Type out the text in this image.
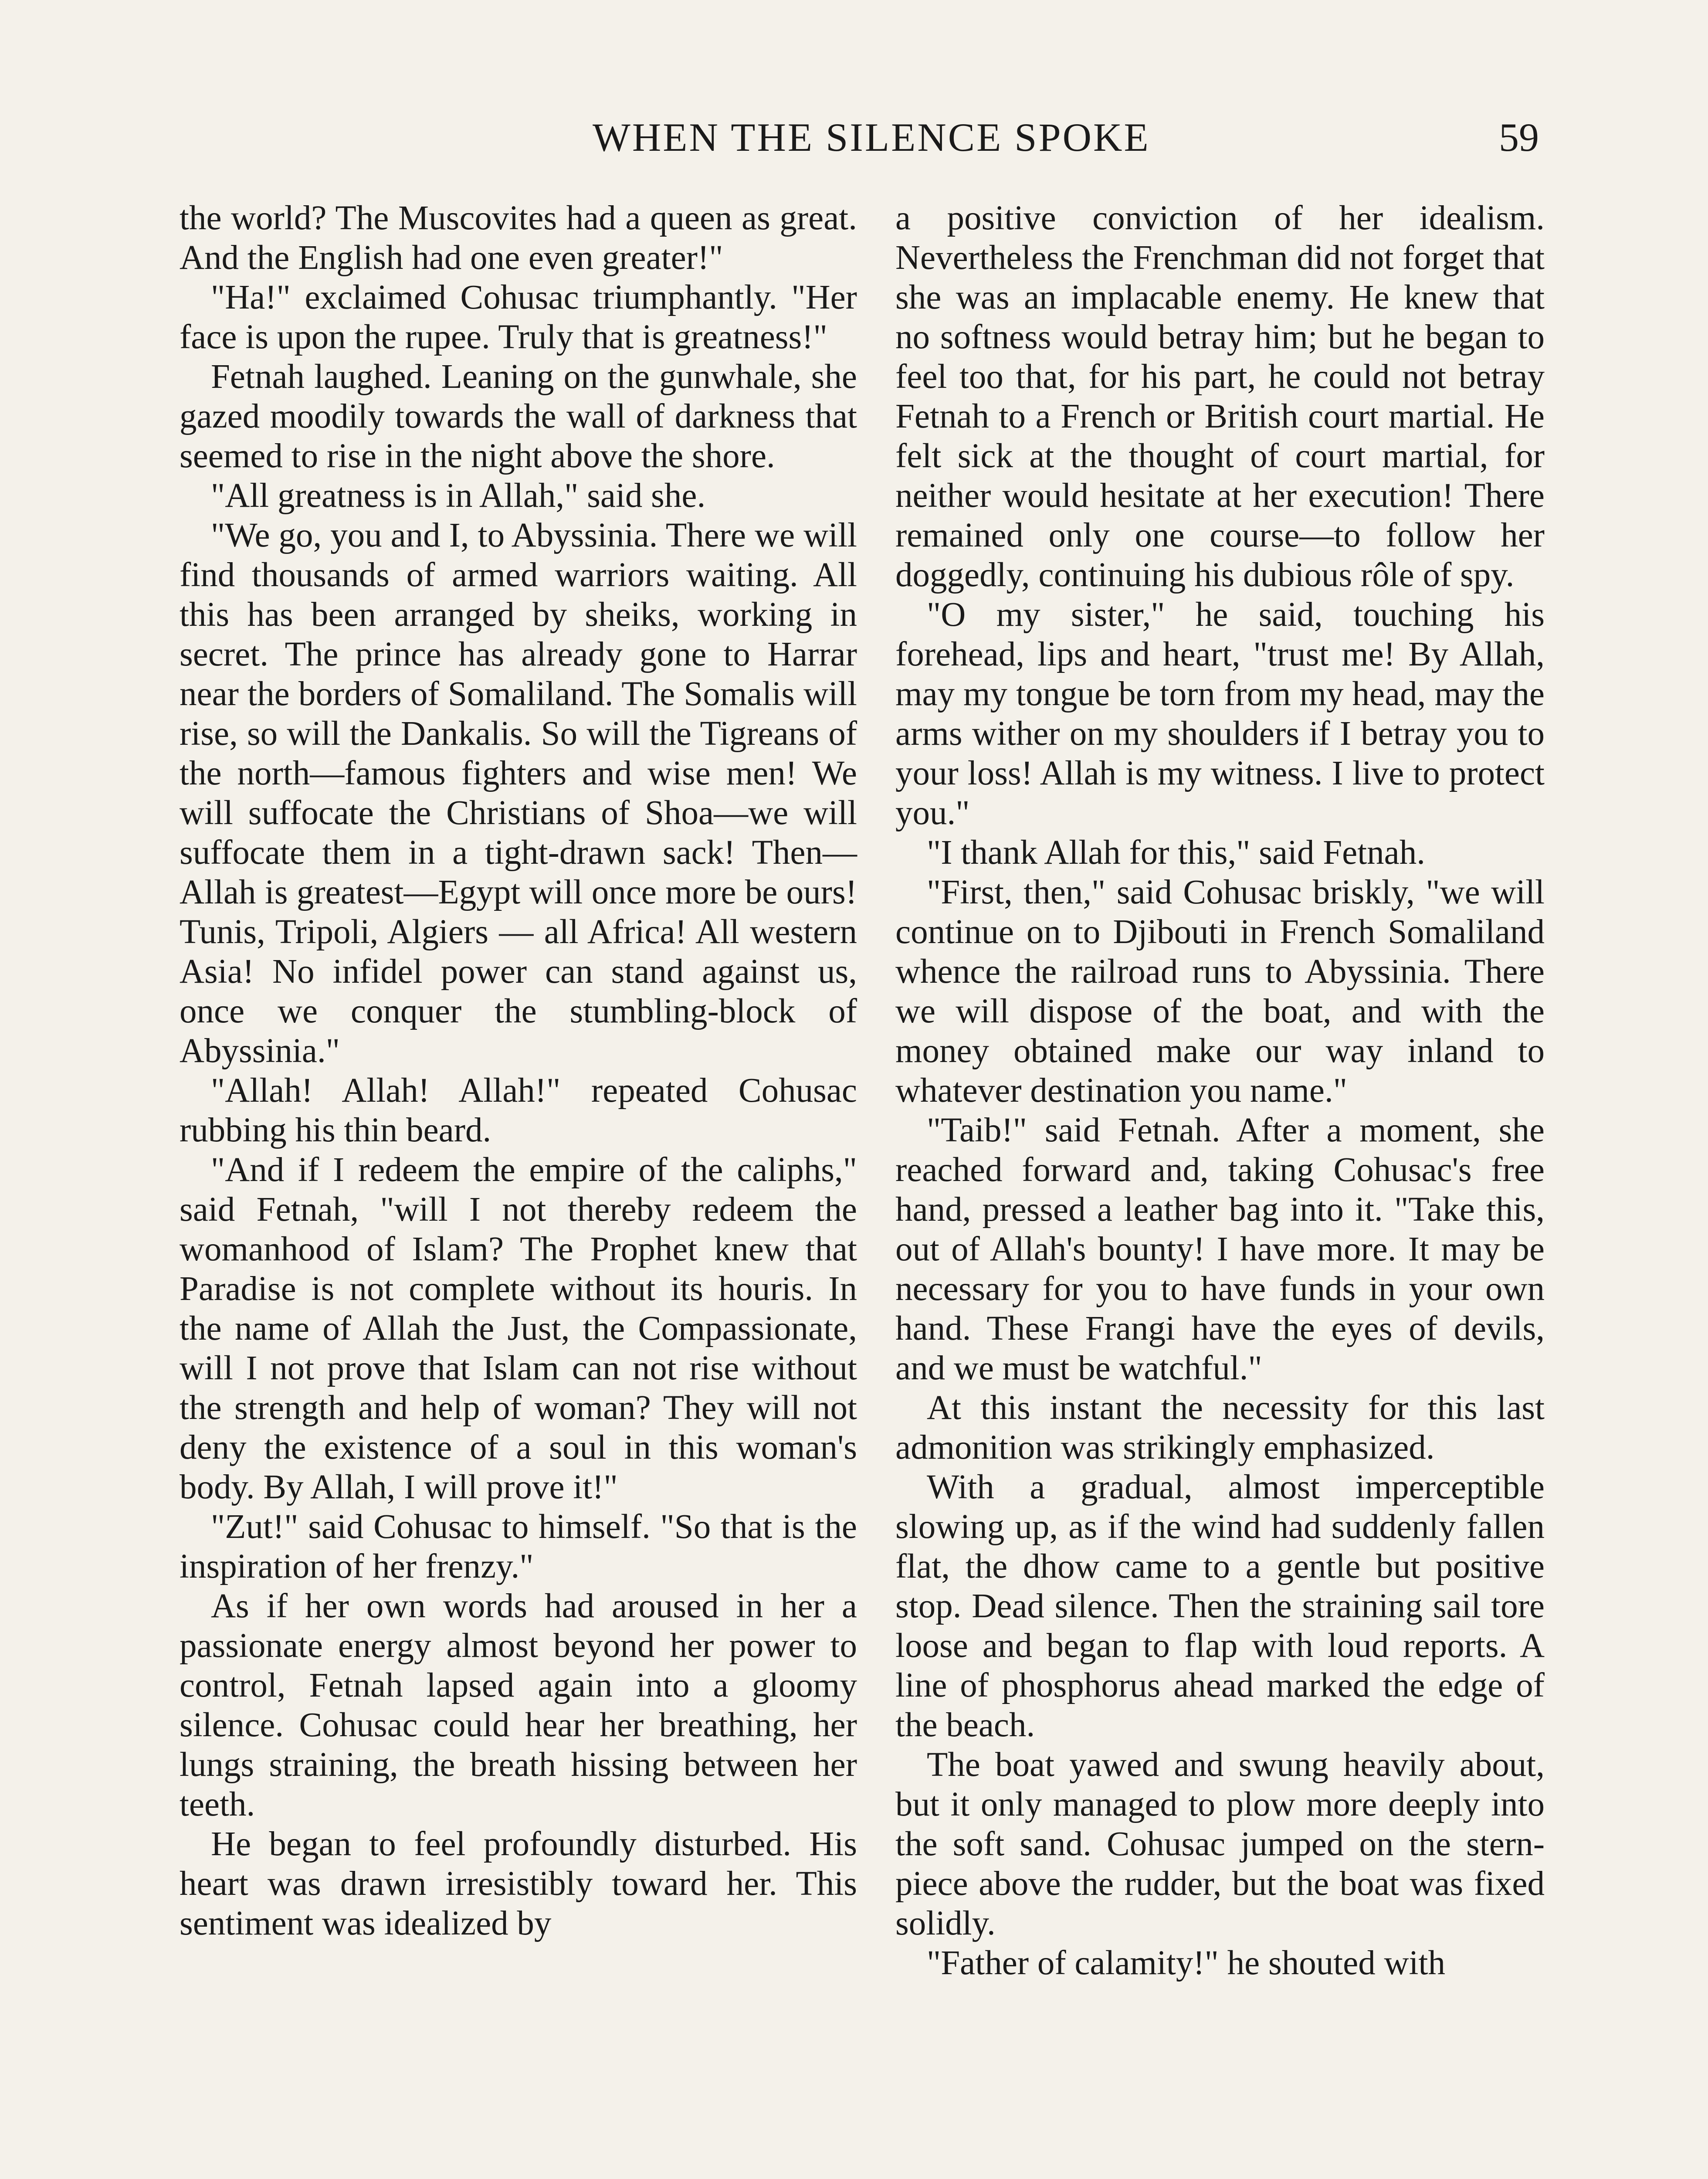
WHEN THE SILENCE SPOKE	59

the world? The Muscovites had a queen as great. And the English had one even greater!"

"Ha!" exclaimed Cohusac triumphantly. "Her face is upon the rupee. Truly that is greatness!"

Fetnah laughed. Leaning on the gunwhale, she gazed moodily towards the wall of darkness that seemed to rise in the night above the shore.

"All greatness is in Allah," said she.

"We go, you and I, to Abyssinia. There we will find thousands of armed warriors waiting. All this has been arranged by sheiks, working in secret. The prince has already gone to Harrar near the borders of Somaliland. The Somalis will rise, so will the Dankalis. So will the Tigreans of the north—famous fighters and wise men! We will suffocate the Christians of Shoa—we will suffocate them in a tight-drawn sack! Then—Allah is greatest—Egypt will once more be ours! Tunis, Tripoli, Algiers — all Africa! All western Asia! No infidel power can stand against us, once we conquer the stumbling-block of Abyssinia."

"Allah! Allah! Allah!" repeated Cohusac rubbing his thin beard.

"And if I redeem the empire of the caliphs," said Fetnah, "will I not thereby redeem the womanhood of Islam? The Prophet knew that Paradise is not complete without its houris. In the name of Allah the Just, the Compassionate, will I not prove that Islam can not rise without the strength and help of woman? They will not deny the existence of a soul in this woman's body. By Allah, I will prove it!"

"Zut!" said Cohusac to himself. "So that is the inspiration of her frenzy."

As if her own words had aroused in her a passionate energy almost beyond her power to control, Fetnah lapsed again into a gloomy silence. Cohusac could hear her breathing, her lungs straining, the breath hissing between her teeth.

He began to feel profoundly disturbed. His heart was drawn irresistibly toward her. This sentiment was idealized by

a positive conviction of her idealism. Nevertheless the Frenchman did not forget that she was an implacable enemy. He knew that no softness would betray him; but he began to feel too that, for his part, he could not betray Fetnah to a French or British court martial. He felt sick at the thought of court martial, for neither would hesitate at her execution! There remained only one course—to follow her doggedly, continuing his dubious rôle of spy.

"O my sister," he said, touching his forehead, lips and heart, "trust me! By Allah, may my tongue be torn from my head, may the arms wither on my shoulders if I betray you to your loss! Allah is my witness. I live to protect you."

"I thank Allah for this," said Fetnah.

"First, then," said Cohusac briskly, "we will continue on to Djibouti in French Somaliland whence the railroad runs to Abyssinia. There we will dispose of the boat, and with the money obtained make our way inland to whatever destination you name."

"Taib!" said Fetnah. After a moment, she reached forward and, taking Cohusac's free hand, pressed a leather bag into it. "Take this, out of Allah's bounty! I have more. It may be necessary for you to have funds in your own hand. These Frangi have the eyes of devils, and we must be watchful."

At this instant the necessity for this last admonition was strikingly emphasized.

With a gradual, almost imperceptible slowing up, as if the wind had suddenly fallen flat, the dhow came to a gentle but positive stop. Dead silence. Then the straining sail tore loose and began to flap with loud reports. A line of phosphorus ahead marked the edge of the beach.

The boat yawed and swung heavily about, but it only managed to plow more deeply into the soft sand. Cohusac jumped on the stern-piece above the rudder, but the boat was fixed solidly.

"Father of calamity!" he shouted with
